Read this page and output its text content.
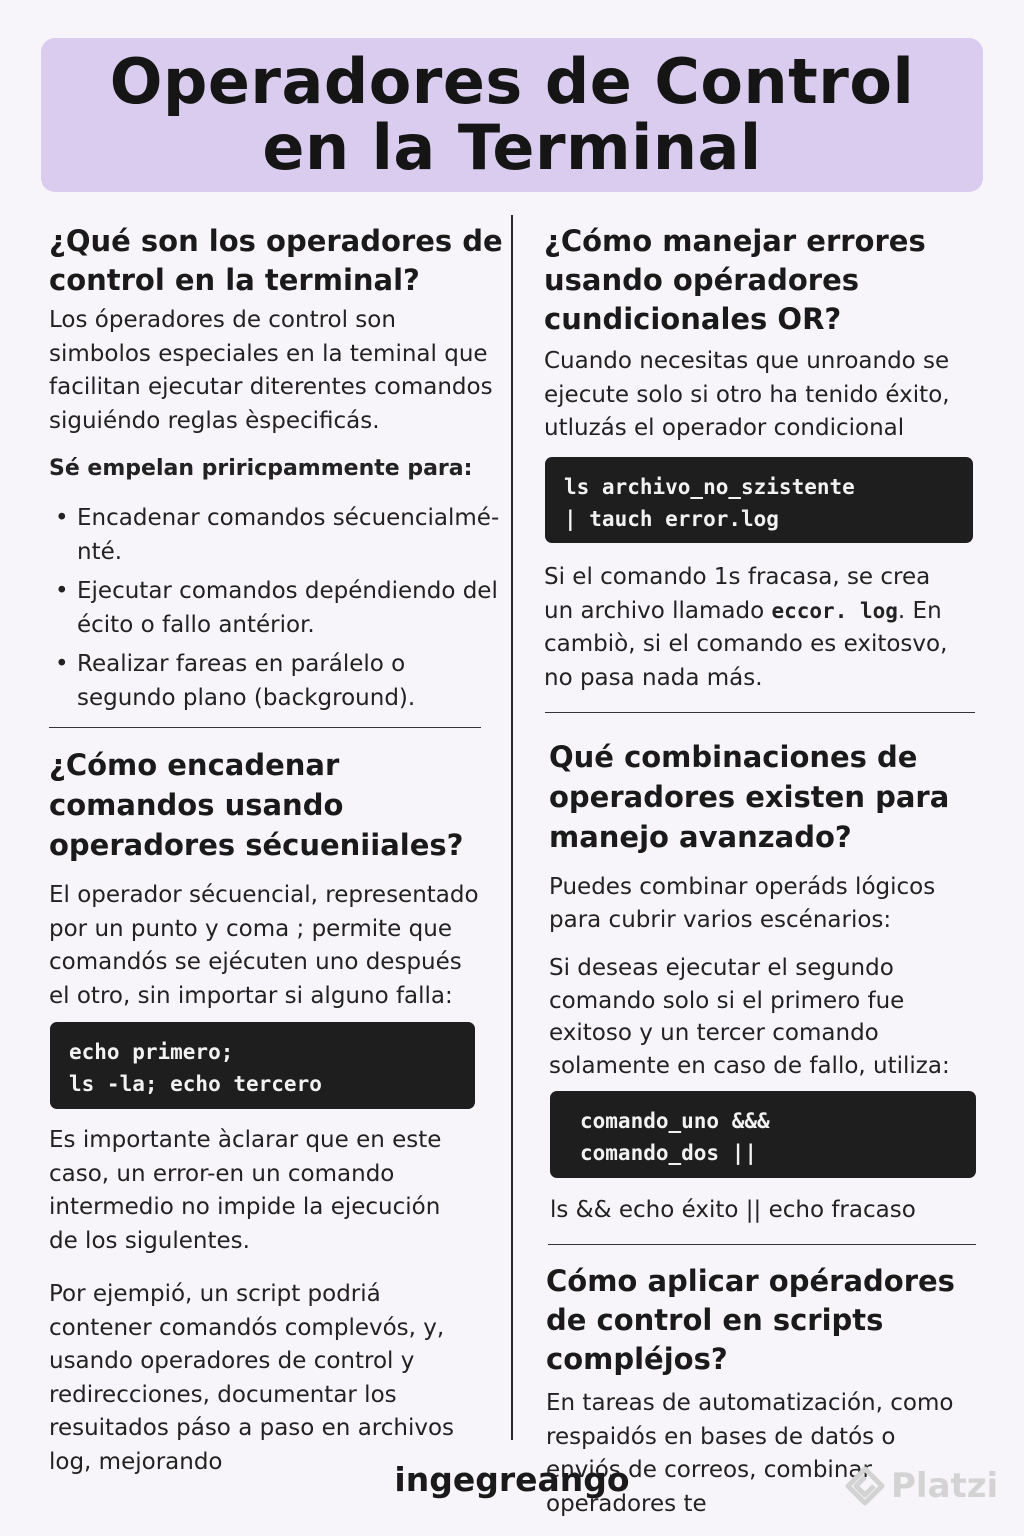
Operadores de Control
en la Terminal
¿Qué son los operadores de control en la terminal?

Los óperadores de control son simbolos especiales en la teminal que facilitan ejecutar diterentes comandos siguiéndo reglas èspecificás.

Sé empelan priricpammente para:

• Encadenar comandos sécuencialmé-nté.
• Ejecutar comandos depéndiendo del écito o fallo antérior.
• Realizar fareas en parálelo o segundo plano (background).
¿Cómo encadenar comandos usando operadores sécueniiales?

El operador sécuencial, representado por un punto y coma ; permite que comandós se ejécuten uno después el otro, sin importar si alguno falla:

echo primero;
ls -la; echo tercero

Es importante àclarar que en este caso, un error-en un comando intermedio no impide la ejecución de los sigulentes.

Por ejempió, un script podriá contener comandós complevós, y, usando operadores de control y redirecciones, documentar los resuitados páso a paso en archivos log, mejorando

¿Cómo manejar errores usando opéradores cundicionales OR?

Cuando necesitas que unroando se ejecute solo si otro ha tenido éxito, utluzás el operador condicional

ls archivo_no_szistente
| tauch error.log

Si el comando 1s fracasa, se crea un archivo llamado eccor. log. En cambiò, si el comando es exitosvo, no pasa nada más.

Qué combinaciones de operadores existen para manejo avanzado?

Puedes combinar operáds lógicos para cubrir varios escénarios:

Si deseas ejecutar el segundo comando solo si el primero fue exitoso y un tercer comando solamente en caso de fallo, utiliza:

comando_uno &&&
comando_dos ||

ls && echo éxito || echo fracaso

Cómo aplicar opéradores de control en scripts compléjos?

En tareas de automatización, como respaidós en bases de datós o enviós de correos, combinar operadores te

ingegreango	Platzi
